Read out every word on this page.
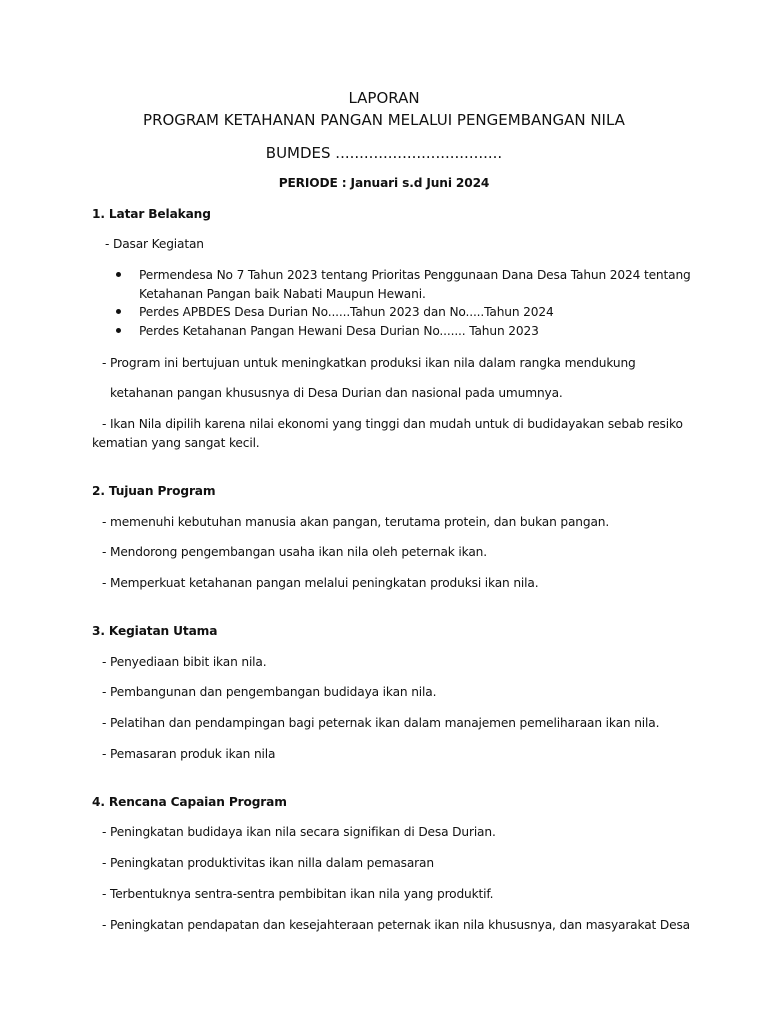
LAPORAN

PROGRAM KETAHANAN PANGAN MELALUI PENGEMBANGAN NILA

BUMDES ...................................

PERIODE : Januari s.d Juni 2024

1. Latar Belakang

- Dasar Kegiatan

Permendesa No 7 Tahun 2023 tentang Prioritas Penggunaan Dana Desa Tahun 2024 tentang

Ketahanan Pangan baik Nabati Maupun Hewani.

Perdes APBDES Desa Durian No......Tahun 2023 dan No.....Tahun 2024

Perdes Ketahanan Pangan Hewani Desa Durian No....... Tahun 2023

- Program ini bertujuan untuk meningkatkan produksi ikan nila dalam rangka mendukung

ketahanan pangan khususnya di Desa Durian dan nasional pada umumnya.

- Ikan Nila dipilih karena nilai ekonomi yang tinggi dan mudah untuk di budidayakan sebab resiko

kematian yang sangat kecil.

2. Tujuan Program

- memenuhi kebutuhan manusia akan pangan, terutama protein, dan bukan pangan.

- Mendorong pengembangan usaha ikan nila oleh peternak ikan.

- Memperkuat ketahanan pangan melalui peningkatan produksi ikan nila.

3. Kegiatan Utama

- Penyediaan bibit ikan nila.

- Pembangunan dan pengembangan budidaya ikan nila.

- Pelatihan dan pendampingan bagi peternak ikan dalam manajemen pemeliharaan ikan nila.

- Pemasaran produk ikan nila

4. Rencana Capaian Program

- Peningkatan budidaya ikan nila secara signifikan di Desa Durian.

- Peningkatan produktivitas ikan nilla dalam pemasaran

- Terbentuknya sentra-sentra pembibitan ikan nila yang produktif.

- Peningkatan pendapatan dan kesejahteraan peternak ikan nila khususnya, dan masyarakat Desa
